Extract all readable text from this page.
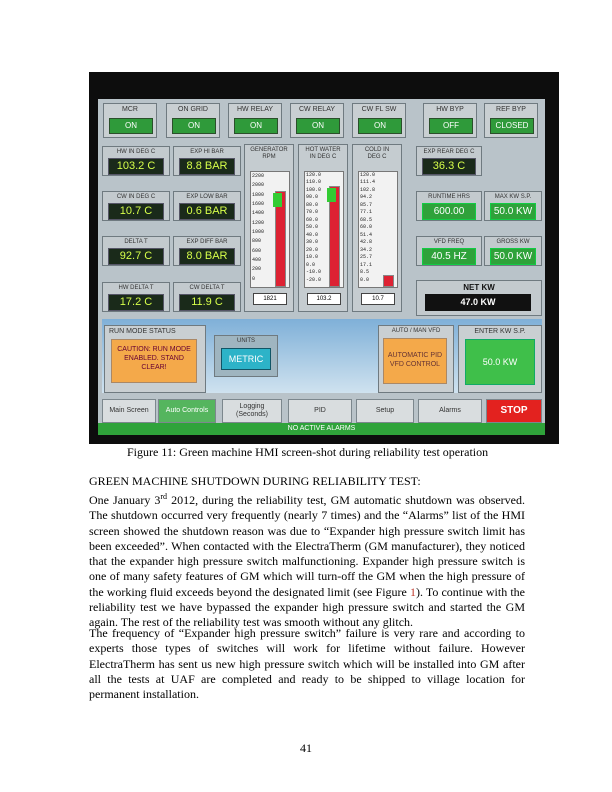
MCR
ON
ON GRID
ON
HW RELAY
ON
CW RELAY
ON
CW FL SW
ON
HW BYP
OFF
REF BYP
CLOSED
HW IN DEG C
103.2 C
EXP HI BAR
8.8 BAR
CW IN DEG C
10.7 C
EXP LOW BAR
0.6 BAR
DELTA T
92.7 C
EXP DIFF BAR
8.0 BAR
HW DELTA T
17.2 C
CW DELTA T
11.9 C
GENERATOR
RPM
2200
2000
1800
1600
1400
1200
1000
800
600
400
200
0
1821
HOT WATER
IN DEG C
120.0
110.0
100.0
90.0
80.0
70.0
60.0
50.0
40.0
30.0
20.0
10.0
0.0
-10.0
-20.0
103.2
COLD IN
DEG C
120.0
111.4
102.8
94.2
85.7
77.1
68.5
60.0
51.4
42.8
34.2
25.7
17.1
8.5
0.0
10.7
EXP REAR DEG C
36.3 C
RUNTIME HRS
600.00
MAX KW S.P.
50.0 KW
VFD FREQ
40.5 HZ
GROSS KW
50.0 KW
NET KW
47.0 KW
RUN MODE STATUS
CAUTION: RUN MODE ENABLED. STAND CLEAR!
UNITS
METRIC
AUTO / MAN VFD
AUTOMATIC PID VFD CONTROL
ENTER KW S.P.
50.0 KW
Main Screen	Auto Controls
Logging (Seconds)
PID	Setup	Alarms	STOP
NO ACTIVE ALARMS
Figure 11: Green machine HMI screen-shot during reliability test operation
GREEN MACHINE SHUTDOWN DURING RELIABILITY TEST:

One January 3rd 2012, during the reliability test, GM automatic shutdown was observed. The shutdown occurred very frequently (nearly 7 times) and the “Alarms” list of the HMI screen showed the shutdown reason was due to “Expander high pressure switch limit has been exceeded”. When contacted with the ElectraTherm (GM manufacturer), they noticed that the expander high pressure switch malfunctioning. Expander high pressure switch is one of many safety features of GM which will turn-off the GM when the high pressure of the working fluid exceeds beyond the designated limit (see Figure 1). To continue with the reliability test we have bypassed the expander high pressure switch and started the GM again. The rest of the reliability test was smooth without any glitch.

The frequency of “Expander high pressure switch” failure is very rare and according to experts those types of switches will work for lifetime without failure. However ElectraTherm has sent us new high pressure switch which will be installed into GM after all the tests at UAF are completed and ready to be shipped to village location for permanent installation.

41
